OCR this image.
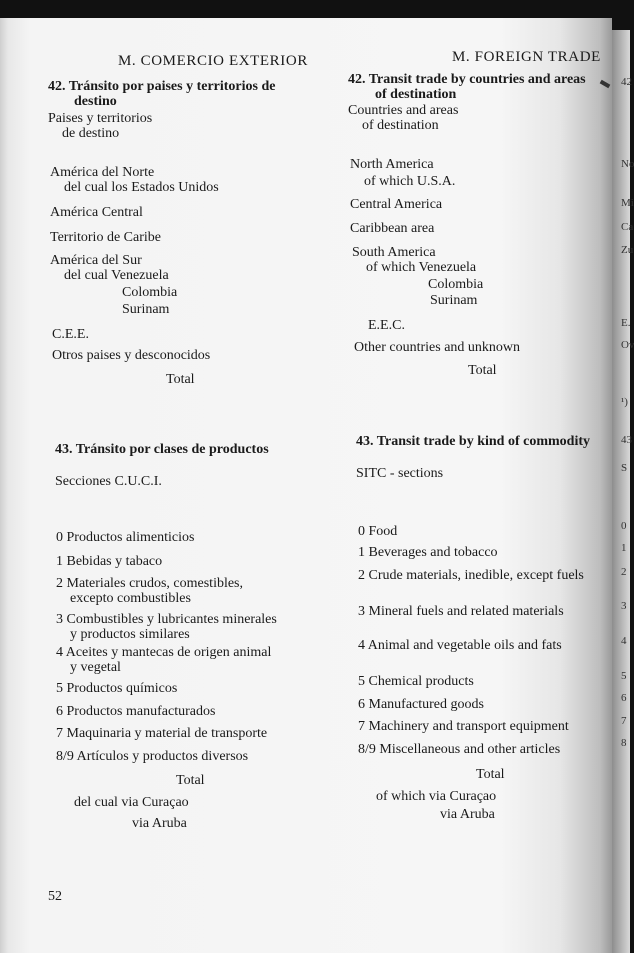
M. COMERCIO EXTERIOR
42. Tránsito por paises y territorios de
destino
Paises y territorios
de destino
América del Norte
del cual los Estados Unidos
América Central
Territorio de Caribe
América del Sur
del cual Venezuela
Colombia
Surinam
C.E.E.
Otros paises y desconocidos
Total
43. Tránsito por clases de productos
Secciones C.U.C.I.
0 Productos alimenticios
1 Bebidas y tabaco
2 Materiales crudos, comestibles,
excepto combustibles
3 Combustibles y lubricantes minerales
y productos similares
4 Aceites y mantecas de origen animal
y vegetal
5 Productos químicos
6 Productos manufacturados
7 Maquinaria y material de transporte
8/9 Artículos y productos diversos
Total
del cual via Curaçao
via Aruba
52
M. FOREIGN TRADE
42. Transit trade by countries and areas
of destination
Countries and areas
of destination
North America
of which U.S.A.
Central America
Caribbean area
South America
of which Venezuela
Colombia
Surinam
E.E.C.
Other countries and unknown
Total
43. Transit trade by kind of commodity
SITC - sections
0 Food
1 Beverages and tobacco
2 Crude materials, inedible, except fuels
3 Mineral fuels and related materials
4 Animal and vegetable oils and fats
5 Chemical products
6 Manufactured goods
7 Machinery and transport equipment
8/9 Miscellaneous and other articles
Total
of which via Curaçao
via Aruba
42
No
Mi
Ca
Zu
E.
Ov
¹)
43
S
0
1
2
3
4
5
6
7
8
